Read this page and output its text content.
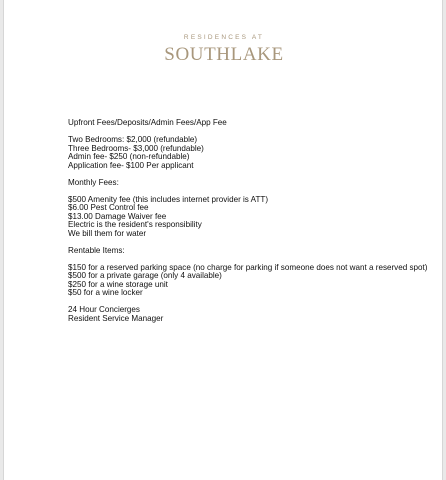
RESIDENCES AT
SOUTHLAKE
Upfront Fees/Deposits/Admin Fees/App Fee
Two Bedrooms: $2,000 (refundable)
Three Bedrooms- $3,000 (refundable)
Admin fee- $250 (non-refundable)
Application fee- $100 Per applicant
Monthly Fees:
$500 Amenity fee (this includes internet provider is ATT)
$6.00 Pest Control fee
$13.00 Damage Waiver fee
Electric is the resident's responsibility
We bill them for water
Rentable Items:
$150 for a reserved parking space (no charge for parking if someone does not want a reserved spot)
$500 for a private garage (only 4 available)
$250 for a wine storage unit
$50 for a wine locker
24 Hour Concierges
Resident Service Manager
